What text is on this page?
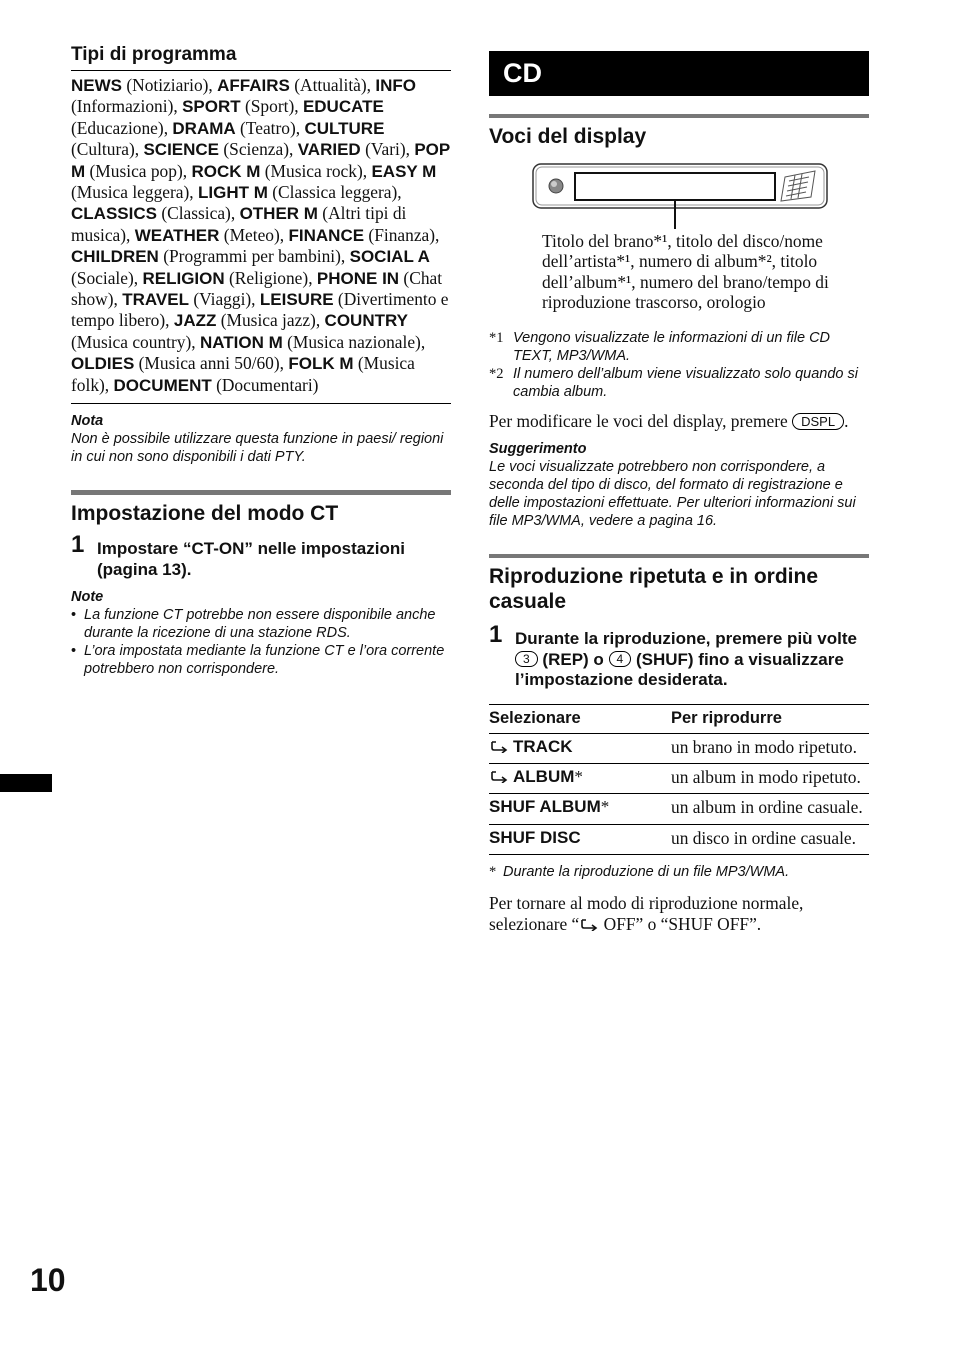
Tipi di programma

NEWS (Notiziario), AFFAIRS (Attualità), INFO (Informazioni), SPORT (Sport), EDUCATE (Educazione), DRAMA (Teatro), CULTURE (Cultura), SCIENCE (Scienza), VARIED (Vari), POP M (Musica pop), ROCK M (Musica rock), EASY M (Musica leggera), LIGHT M (Classica leggera), CLASSICS (Classica), OTHER M (Altri tipi di musica), WEATHER (Meteo), FINANCE (Finanza), CHILDREN (Programmi per bambini), SOCIAL A (Sociale), RELIGION (Religione), PHONE IN (Chat show), TRAVEL (Viaggi), LEISURE (Divertimento e tempo libero), JAZZ (Musica jazz), COUNTRY (Musica country), NATION M (Musica nazionale), OLDIES (Musica anni 50/60), FOLK M (Musica folk), DOCUMENT (Documentari)

Nota

Non è possibile utilizzare questa funzione in paesi/ regioni in cui non sono disponibili i dati PTY.

Impostazione del modo CT
1 Impostare “CT-ON” nelle impostazioni (pagina 13).

Note

• La funzione CT potrebbe non essere disponibile anche durante la ricezione di una stazione RDS.

• L’ora impostata mediante la funzione CT e l’ora corrente potrebbero non corrispondere.

CD
Voci del display

Titolo del brano*¹, titolo del disco/nome dell’artista*¹, numero di album*², titolo dell’album*¹, numero del brano/tempo di riproduzione trascorso, orologio

*1 Vengono visualizzate le informazioni di un file CD TEXT, MP3/WMA.
*2 Il numero dell’album viene visualizzato solo quando si cambia album.

Per modificare le voci del display, premere DSPL .

Suggerimento

Le voci visualizzate potrebbero non corrispondere, a seconda del tipo di disco, del formato di registrazione e delle impostazioni effettuate. Per ulteriori informazioni sui file MP3/WMA, vedere a pagina 16.

Riproduzione ripetuta e in ordine casuale
1 Durante la riproduzione, premere più volte 3 (REP) o 4 (SHUF) fino a visualizzare l’impostazione desiderata.
Selezionare	Per riprodurre
TRACK	un brano in modo ripetuto.
ALBUM*	un album in modo ripetuto.
SHUF ALBUM*	un album in ordine casuale.
SHUF DISC	un disco in ordine casuale.
* Durante la riproduzione di un file MP3/WMA.

Per tornare al modo di riproduzione normale, selezionare “ OFF” o “SHUF OFF”.

10
